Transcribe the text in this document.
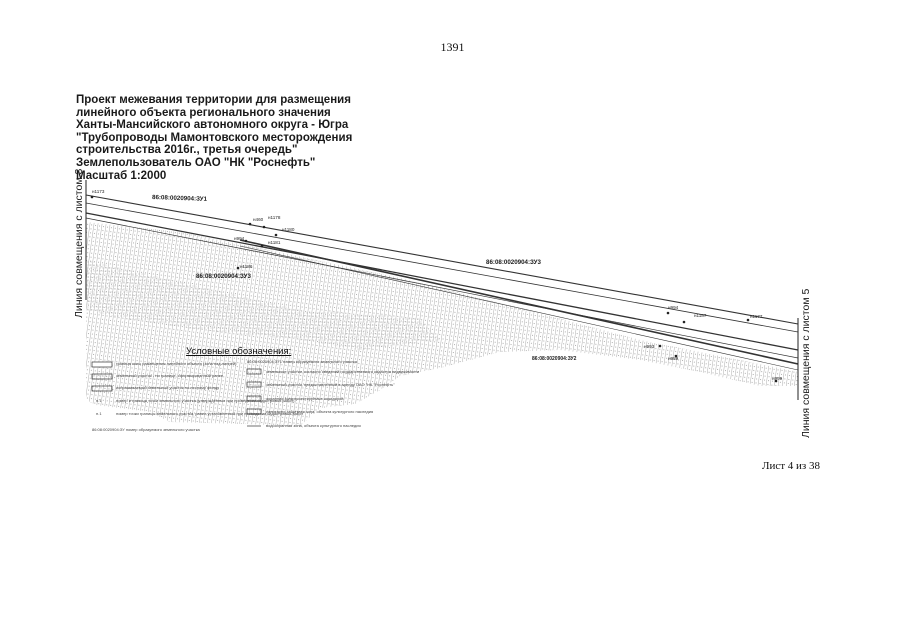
1391
Проект межевания территории для размещения
линейного объекта регионального значения
Ханты-Мансийского автономного округа - Югра
"Трубопроводы Мамонтовского месторождения
строительства 2016г., третья очередь"
Землепользователь ОАО "НК "Роснефть"
Масштаб 1:2000
86:08:0020904:ЗУ1
86:08:0020904:ЗУ3
86:08:0020904:ЗУ3
86:08:0020904:ЗУ2
н1173
н460 н1178
н1180
н994
н1181
н1186
н994
н1187	н1177
н993
н989
н999
Линия совмещения с листом 3
Линия совмещения с листом 5
Условные обозначения:
граница зоны размещения линейного объекта (зона под линией)
земельный участок - по границе, сформированный ранее
испрашиваемый земельный участок по лесному фонду
н.1	номер и граница точки земельного участка (утверждённые при проведении кадастровых работ)
н.1	номер точки границы земельного участка, ранее установленной при проведении кадастровых работ
86:08:0020904:ЗУ номер образуемого земельного участка
86:08:0020904:ЗУ1 номер образуемого земельного участка
земельные участки, согласно сведений государственного кадастра недвижимости
земельный участок, предоставленный в аренду ОАО "НК "Роснефть"
охранная зона проектируемых коридоров
санитарно-защитная зона, объекта культурного наследия
водоохранная зона, объекта культурного наследия
Лист 4 из 38
